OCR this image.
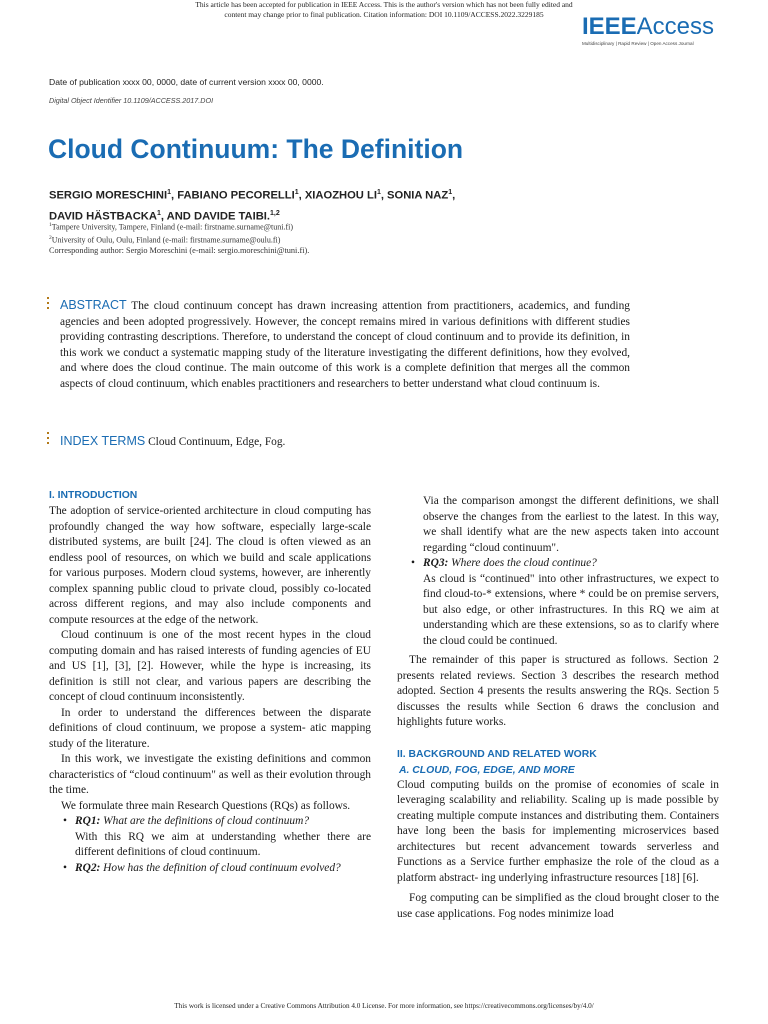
This article has been accepted for publication in IEEE Access. This is the author's version which has not been fully edited and
content may change prior to final publication. Citation information: DOI 10.1109/ACCESS.2022.3229185	IEEEAccess
Multidisciplinary | Rapid Review | Open Access Journal
Date of publication xxxx 00, 0000, date of current version xxxx 00, 0000.
Digital Object Identifier 10.1109/ACCESS.2017.DOI
Cloud Continuum: The Definition
SERGIO MORESCHINI$^1$, FABIANO PECORELLI$^1$, XIAOZHOU $LI^1$, SONIA NAZ$^1$,
DAVID HÄSTBACKA$^1$, AND DAVIDE TAIBI.$^{1,2}$
$^1$Tampere University, Tampere, Finland (e-mail: firstname.surname@tuni.fi)
$^2$University of Oulu, Oulu, Finland (e-mail: firstname.surname@oulu.fi)
Corresponding author: Sergio Moreschini (e-mail: sergio.moreschini@tuni.fi).
ABSTRACT The cloud continuum concept has drawn increasing attention from practitioners, academics, and funding agencies and been adopted progressively. However, the concept remains mired in various definitions with different studies providing contrasting descriptions. Therefore, to understand the concept of cloud continuum and to provide its definition, in this work we conduct a systematic mapping study of the literature investigating the different definitions, how they evolved, and where does the cloud continue. The main outcome of this work is a complete definition that merges all the common aspects of cloud continuum, which enables practitioners and researchers to better understand what cloud continuum is.
INDEX TERMS Cloud Continuum, Edge, Fog.
I. INTRODUCTION

The adoption of service-oriented architecture in cloud computing has profoundly changed the way how software, especially large-scale distributed systems, are built [24]. The cloud is often viewed as an endless pool of resources, on which we build and scale applications for various purposes. Modern cloud systems, however, are inherently complex spanning public cloud to private cloud, possibly co-located across different regions, and may also include components and compute resources at the edge of the network.

Cloud continuum is one of the most recent hypes in the cloud computing domain and has raised interests of funding agencies of EU and US [1], [3], [2]. However, while the hype is increasing, its definition is still not clear, and various papers are describing the concept of cloud continuum inconsistently.

In order to understand the differences between the disparate definitions of cloud continuum, we propose a system- atic mapping study of the literature.

In this work, we investigate the existing definitions and common characteristics of “cloud continuum" as well as their evolution through the time.

We formulate three main Research Questions (RQs) as follows.

• RQ1: What are the definitions of cloud continuum?

With this RQ we aim at understanding whether there are different definitions of cloud continuum.

• RQ2: How has the definition of cloud continuum evolved?

Via the comparison amongst the different definitions, we shall observe the changes from the earliest to the latest. In this way, we shall identify what are the new aspects taken into account regarding “cloud continuum".

• RQ3: Where does the cloud continue?

As cloud is “continued" into other infrastructures, we expect to find cloud-to-* extensions, where * could be on premise servers, but also edge, or other infrastructures. In this RQ we aim at understanding which are these extensions, so as to clarify where the cloud could be continued.

The remainder of this paper is structured as follows. Section 2 presents related reviews. Section 3 describes the research method adopted. Section 4 presents the results answering the RQs. Section 5 discusses the results while Section 6 draws the conclusion and highlights future works.

II. BACKGROUND AND RELATED WORK
A. CLOUD, FOG, EDGE, AND MORE

Cloud computing builds on the promise of economies of scale in leveraging scalability and reliability. Scaling up is made possible by creating multiple compute instances and distributing them. Containers have long been the basis for implementing microservices based architectures but recent advancement towards serverless and Functions as a Service further emphasize the role of the cloud as a platform abstract- ing underlying infrastructure resources [18] [6].

Fog computing can be simplified as the cloud brought closer to the use case applications. Fog nodes minimize load

This work is licensed under a Creative Commons Attribution 4.0 License. For more information, see https://creativecommons.org/licenses/by/4.0/
